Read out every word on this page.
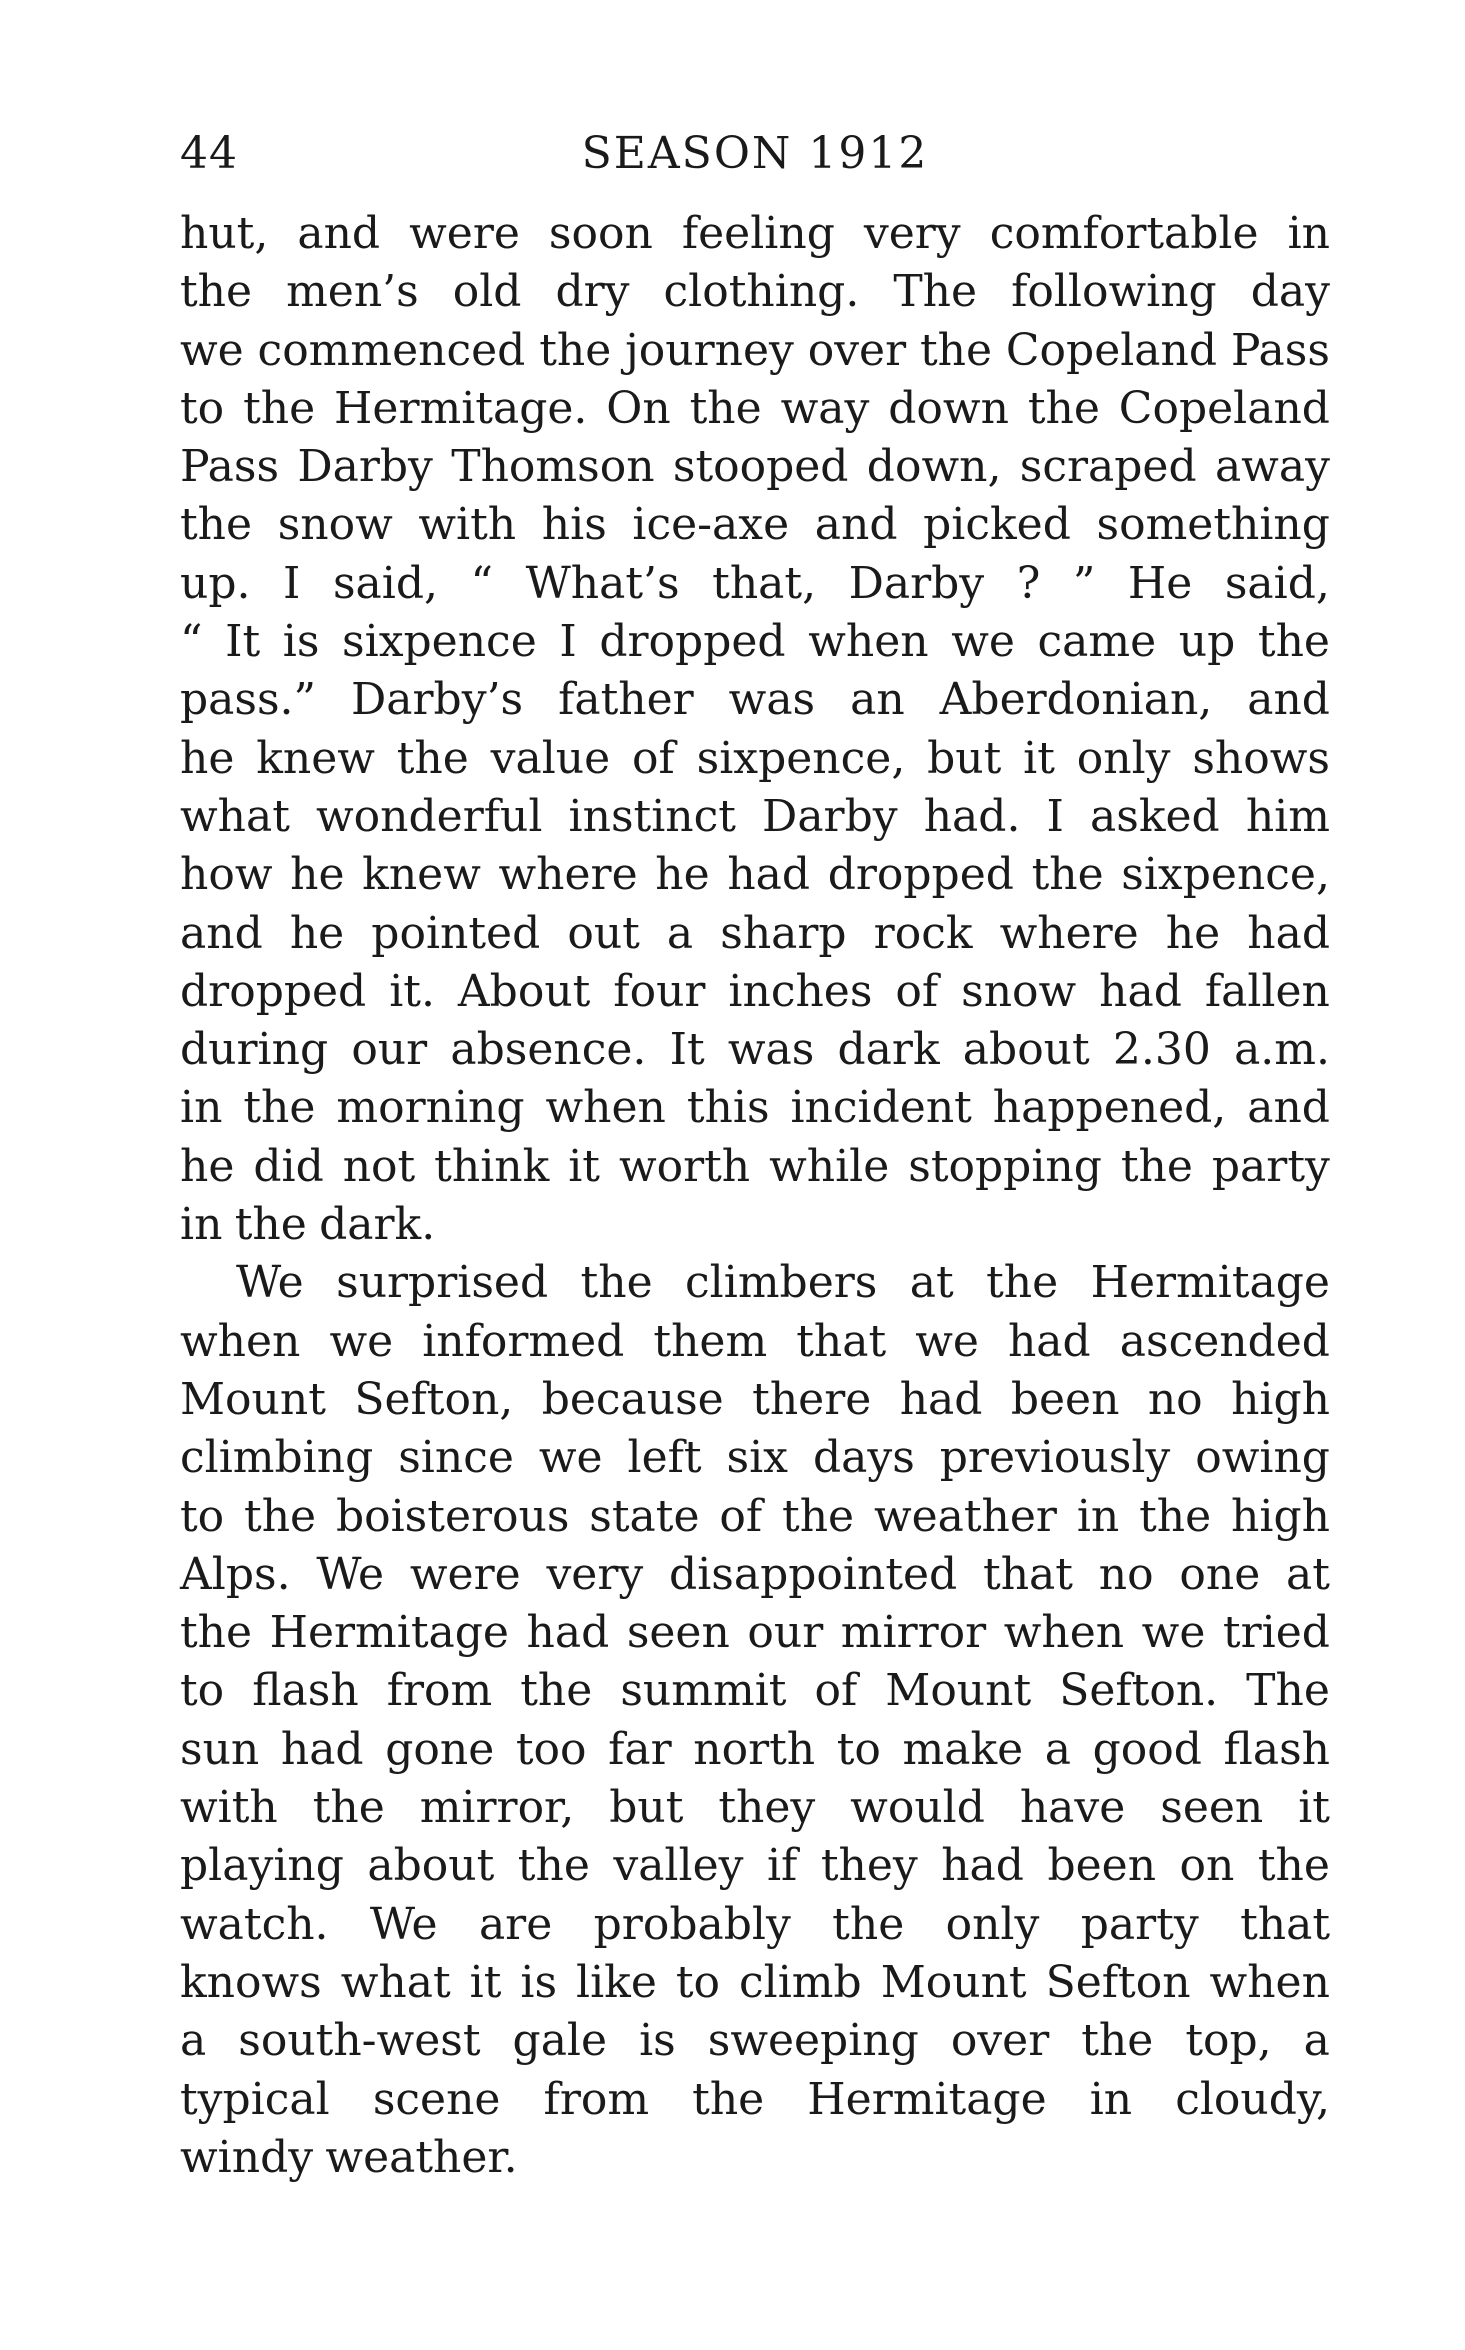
44	SEASON 1912
hut, and were soon feeling very comfortable in
the men’s old dry clothing. The following day
we commenced the journey over the Copeland Pass
to the Hermitage. On the way down the Copeland
Pass Darby Thomson stooped down, scraped away
the snow with his ice-axe and picked something
up. I said, “ What’s that, Darby ? ” He said,
“ It is sixpence I dropped when we came up the
pass.” Darby’s father was an Aberdonian, and
he knew the value of sixpence, but it only shows
what wonderful instinct Darby had. I asked him
how he knew where he had dropped the sixpence,
and he pointed out a sharp rock where he had
dropped it. About four inches of snow had fallen
during our absence. It was dark about 2.30 a.m.
in the morning when this incident happened, and
he did not think it worth while stopping the party
in the dark.
We surprised the climbers at the Hermitage
when we informed them that we had ascended
Mount Sefton, because there had been no high
climbing since we left six days previously owing
to the boisterous state of the weather in the high
Alps. We were very disappointed that no one at
the Hermitage had seen our mirror when we tried
to flash from the summit of Mount Sefton. The
sun had gone too far north to make a good flash
with the mirror, but they would have seen it
playing about the valley if they had been on the
watch. We are probably the only party that
knows what it is like to climb Mount Sefton when
a south-west gale is sweeping over the top, a
typical scene from the Hermitage in cloudy,
windy weather.
